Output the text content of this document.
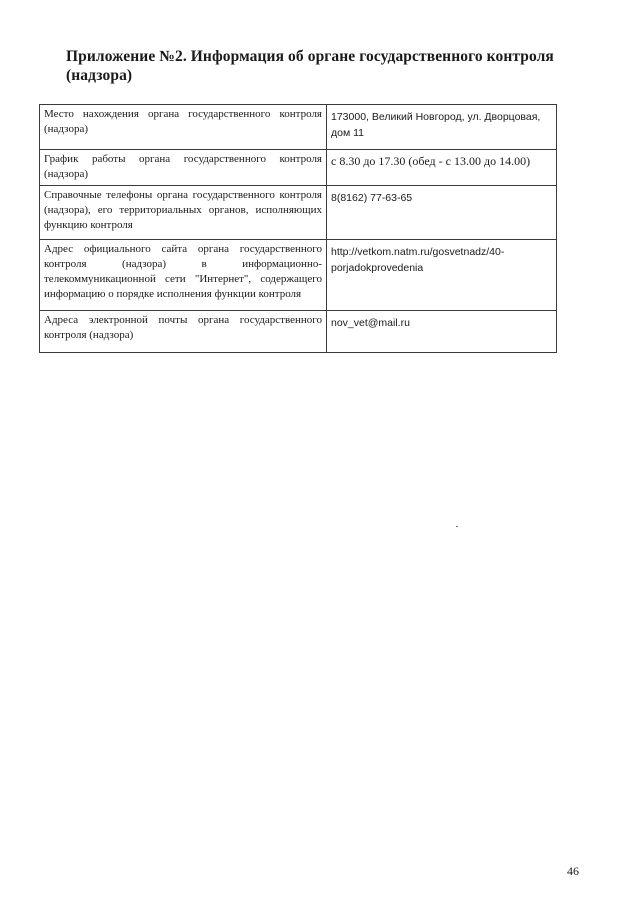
Приложение №2. Информация об органе государственного контроля (надзора)
Место нахождения органа государственного контроля (надзора)	173000, Великий Новгород, ул. Дворцовая, дом 11
График работы органа государственного контроля (надзора)	с 8.30 до 17.30 (обед - с 13.00 до 14.00)
Справочные телефоны органа государственного контроля (надзора), его территориальных органов, исполняющих функцию контроля	8(8162) 77-63-65
Адрес официального сайта органа государственного контроля (надзора) в информационно-телекоммуникационной сети "Интернет", содержащего информацию о порядке исполнения функции контроля	http://vetkom.natm.ru/gosvetnadz/40-porjadokprovedenia
Адреса электронной почты органа государственного контроля (надзора)	nov_vet@mail.ru
46
